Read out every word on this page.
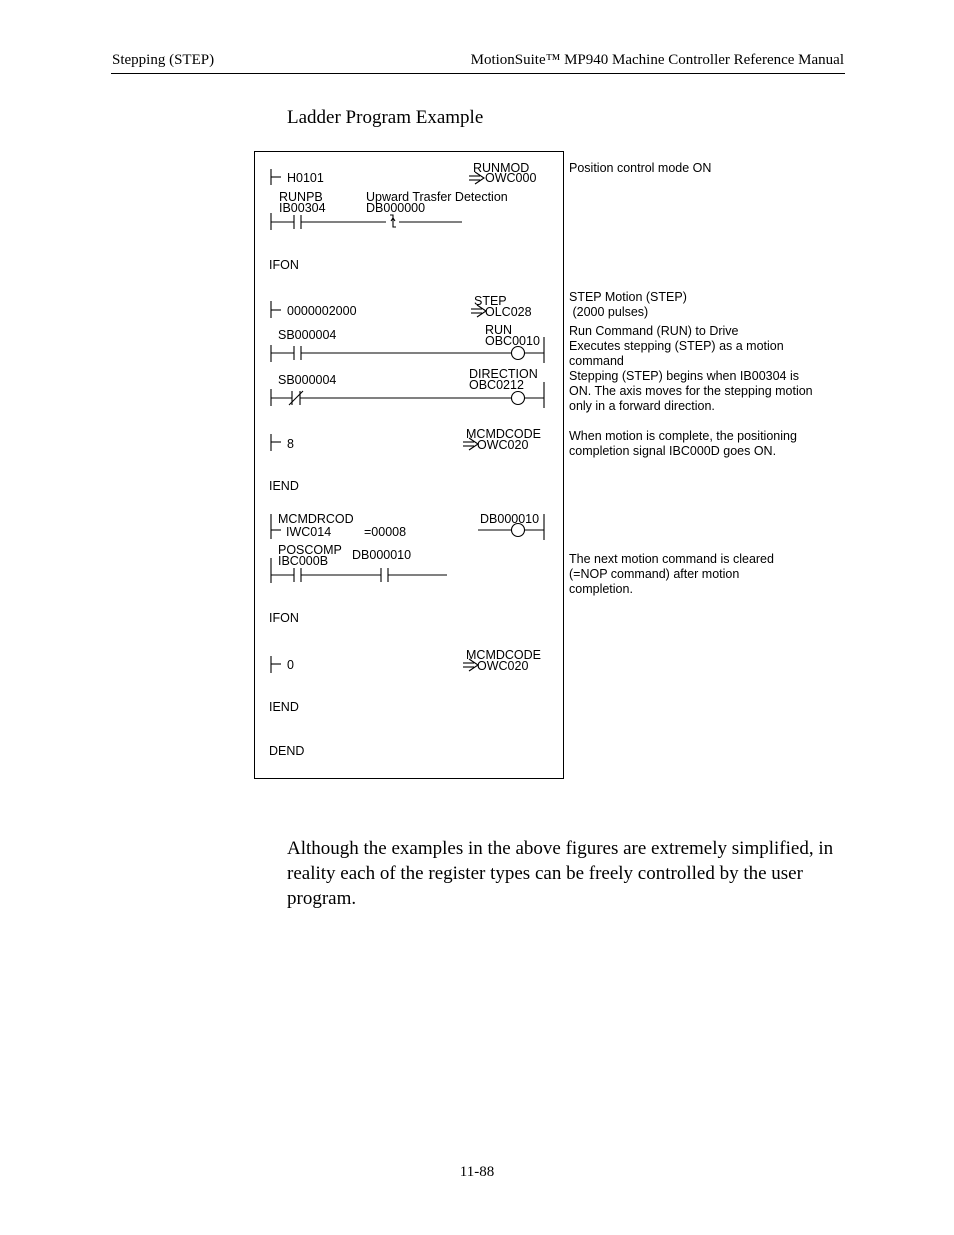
Stepping (STEP)	MotionSuite™ MP940 Machine Controller Reference Manual
Ladder Program Example
H0101
RUNMOD
OWC000
RUNPB
IB00304
Upward Trasfer Detection
DB000000
IFON
0000002000
STEP
OLC028
SB000004	RUN
OBC0010
SB000004	DIRECTION
OBC0212
8
MCMDCODE
OWC020
IEND
MCMDRCOD
IWC014	=00008
DB000010
POSCOMP
IBC000B DB000010
IFON
0
MCMDCODE
OWC020
IEND
DEND
Position control mode ON
STEP Motion (STEP)
(2000 pulses)
Run Command (RUN) to Drive
Executes stepping (STEP) as a motion
command
Stepping (STEP) begins when IB00304 is
ON. The axis moves for the stepping motion
only in a forward direction.
When motion is complete, the positioning
completion signal IBC000D goes ON.
The next motion command is cleared
(=NOP command) after motion
completion.
Although the examples in the above figures are extremely simplified, in reality each of the register types can be freely controlled by the user program.
11-88
